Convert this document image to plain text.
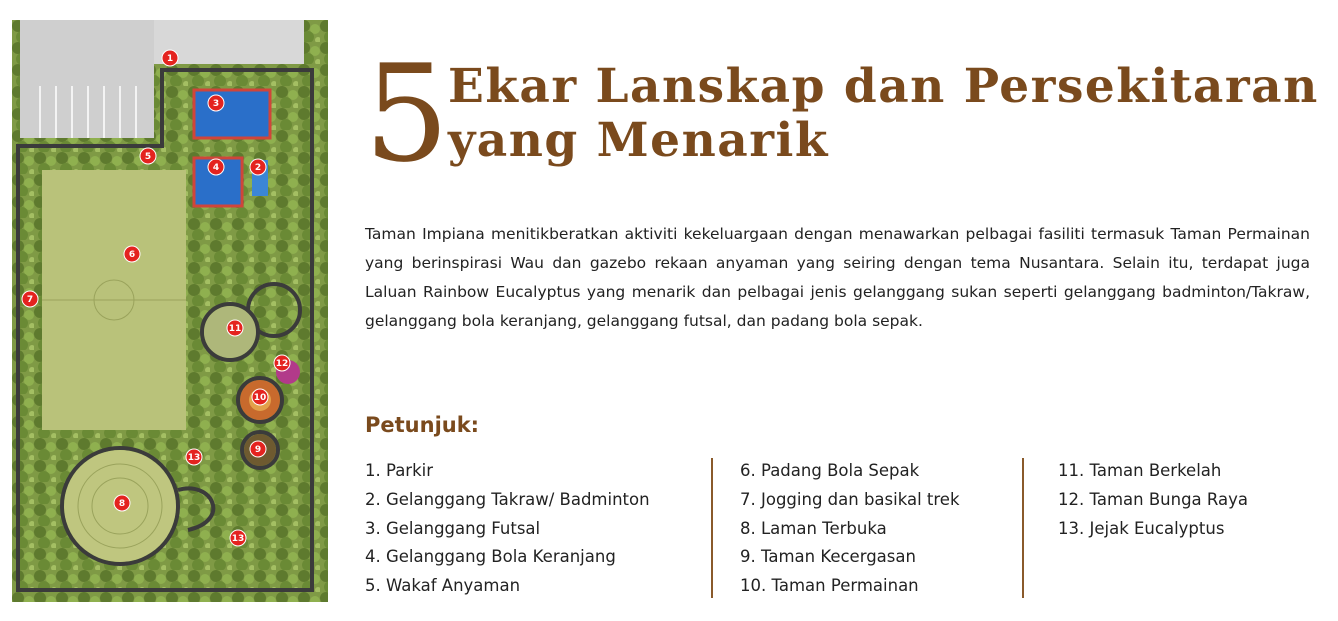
1
2
3
4
5
6
7
8
9
10
11
12
13
13
5
Ekar Lanskap dan Persekitaran
yang Menarik

Taman Impiana menitikberatkan aktiviti kekeluargaan dengan menawarkan pelbagai fasiliti termasuk Taman Permainan yang berinspirasi Wau dan gazebo rekaan anyaman yang seiring dengan tema Nusantara. Selain itu, terdapat juga Laluan Rainbow Eucalyptus yang menarik dan pelbagai jenis gelanggang sukan seperti gelanggang badminton/Takraw, gelanggang bola keranjang, gelanggang futsal, dan padang bola sepak.

Petunjuk:
1. Parkir
2. Gelanggang Takraw/ Badminton
3. Gelanggang Futsal
4. Gelanggang Bola Keranjang
5. Wakaf Anyaman
6. Padang Bola Sepak
7. Jogging dan basikal trek
8. Laman Terbuka
9. Taman Kecergasan
10. Taman Permainan
11. Taman Berkelah
12. Taman Bunga Raya
13. Jejak Eucalyptus
